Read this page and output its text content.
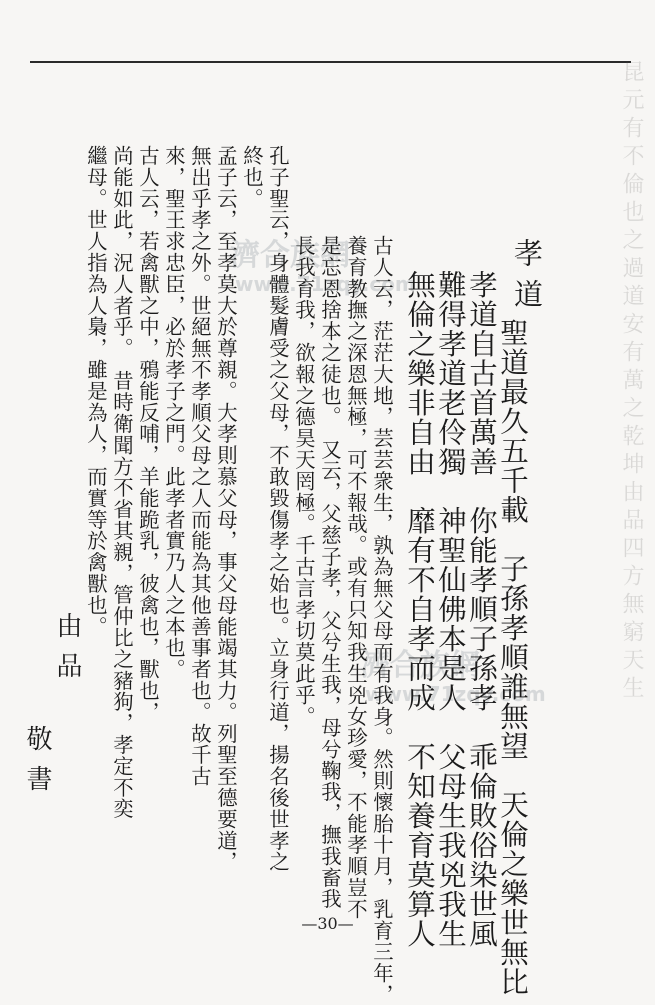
昆元有不倫也之過道安有萬之乾坤由品四方無窮天生
濟合族網
www.71zqy.com
濟合族網
www.71zqy.com
孝道
聖道最久五千載　子孫孝順誰無望　天倫之樂世無比
孝道自古首萬善　你能孝順子孫孝　乖倫敗俗染世風
難得孝道老伶獨　神聖仙佛本是人　父母生我兇我生
無倫之樂非自由　靡有不自孝而成　不知養育莫算人
古人云，茫茫大地，芸芸衆生，孰為無父母而有我身。然則懷胎十月，乳育三年，
養育教撫之深恩無極，可不報哉。或有只知我生兇女珍愛，不能孝順豈不
是忘恩捨本之徒也。　又云，父慈子孝，父兮生我，母兮鞠我，撫我畜我
長我育我，欲報之德昊天罔極。千古言孝切莫此乎。
孔子聖云，身體髮膚受之父母，不敢毀傷孝之始也。立身行道，揚名後世孝之
終也。
孟子云，至孝莫大於尊親。大孝則慕父母，事父母能竭其力。列聖至德要道，
無出乎孝之外。世絕無不孝順父母之人而能為其他善事者也。故千古
來，聖王求忠臣，必於孝子之門。此孝者實乃人之本也。
古人云，若禽獸之中，鴉能反哺，羊能跪乳，彼禽也，獸也，
尚能如此，況人者乎。　昔時衛聞方不省其親，管仲比之豬狗，孝定不奕
繼母。世人指為人梟，雖是為人，而實等於禽獸也。
由品
敬書
—30—
